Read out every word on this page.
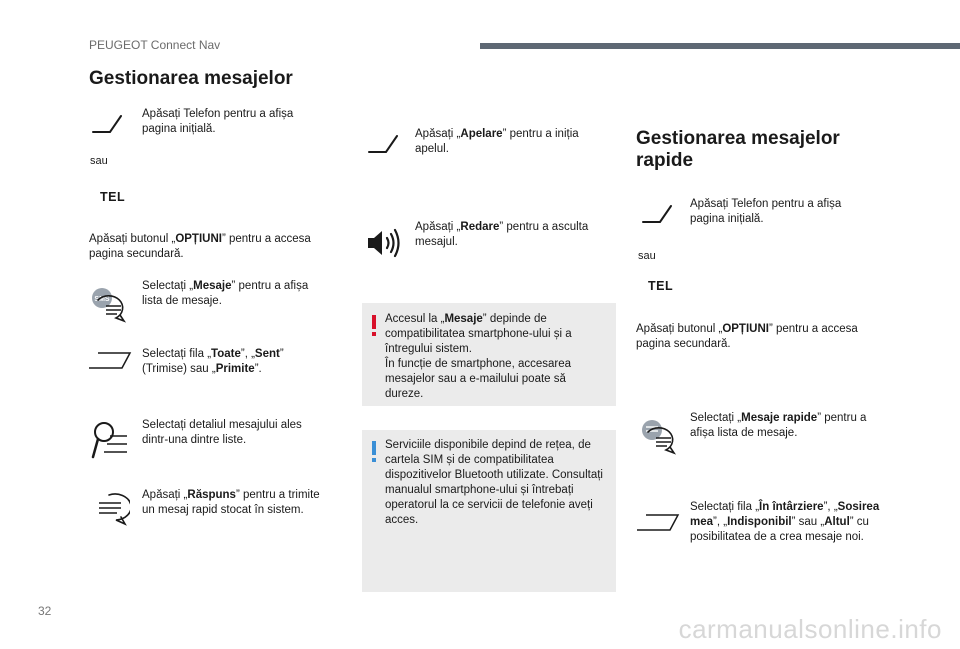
PEUGEOT Connect Nav
Gestionarea mesajelor
Apăsați Telefon pentru a afișa pagina inițială.
sau
TEL
Apăsați butonul „OPȚIUNI” pentru a accesa pagina secundară.
SMS
Selectați „Mesaje” pentru a afișa lista de mesaje.
Selectați fila „Toate”, „Sent” (Trimise) sau „Primite”.
Selectați detaliul mesajului ales dintr-una dintre liste.
Apăsați „Răspuns” pentru a trimite un mesaj rapid stocat în sistem.
Apăsați „Apelare” pentru a iniția apelul.
Apăsați „Redare” pentru a asculta mesajul.
Accesul la „Mesaje” depinde de compatibilitatea smartphone-ului și a întregului sistem.
În funcție de smartphone, accesarea mesajelor sau a e-mailului poate să dureze.
Serviciile disponibile depind de rețea, de cartela SIM și de compatibilitatea dispozitivelor Bluetooth utilizate. Consultați manualul smartphone-ului și întrebați operatorul la ce servicii de telefonie aveți acces.
Gestionarea mesajelor
rapide
Apăsați Telefon pentru a afișa pagina inițială.
sau
TEL
Apăsați butonul „OPȚIUNI” pentru a accesa pagina secundară.
Selectați „Mesaje rapide” pentru a afișa lista de mesaje.
Selectați fila „În întârziere”, „Sosirea mea”, „Indisponibil” sau „Altul” cu posibilitatea de a crea mesaje noi.
32
carmanualsonline.info
